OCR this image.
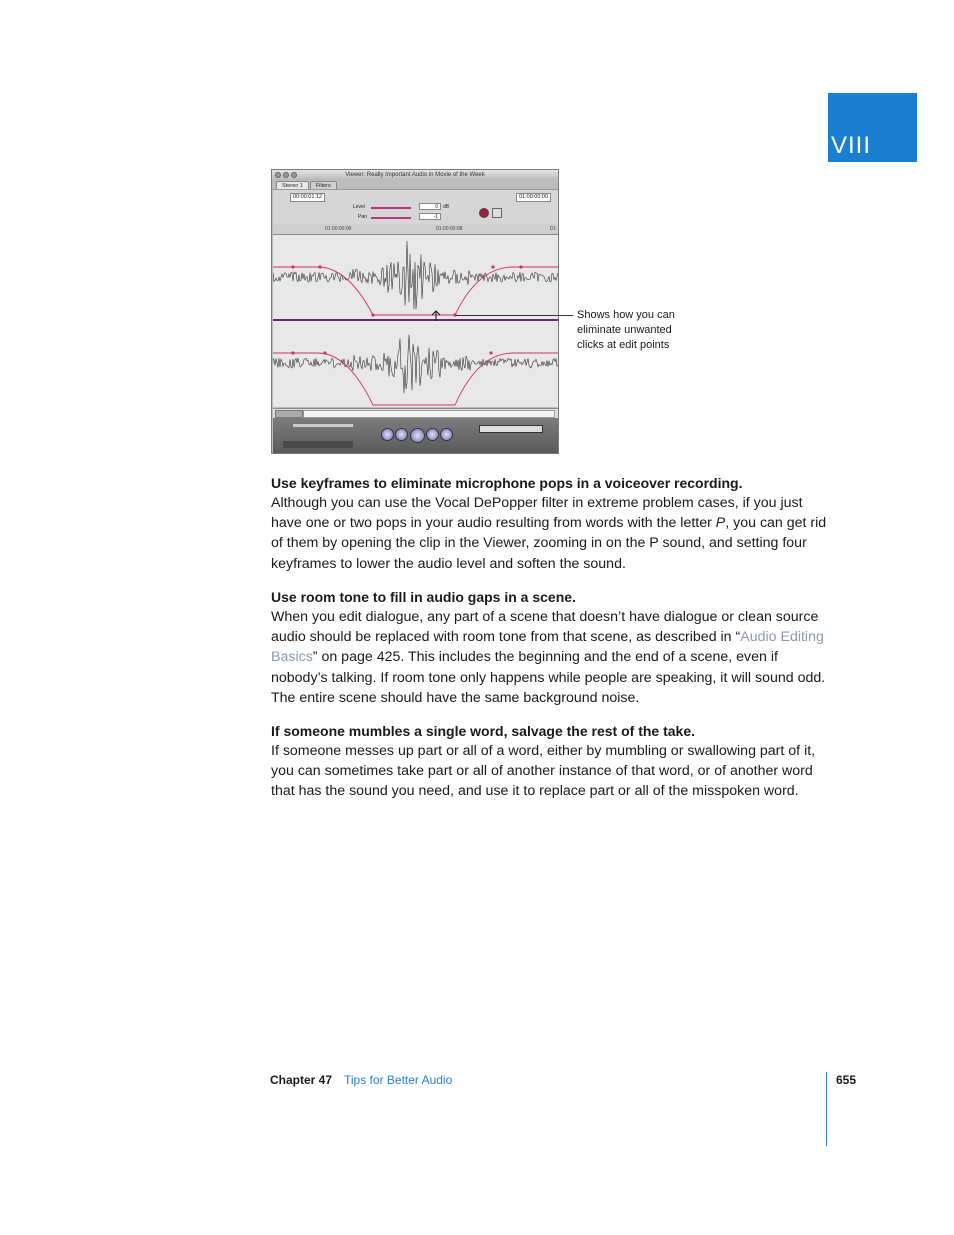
VIII
Viewer: Really Important Audio in Movie of the Week
Stereo 1	Filters
00:00:01:12	01:00:00:00
Level	0	dB
Pan	-1
01:00:00:00	01:00:00:08	01:
Shows how you can eliminate unwanted clicks at edit points

Use keyframes to eliminate microphone pops in a voiceover recording.

Although you can use the Vocal DePopper filter in extreme problem cases, if you just have one or two pops in your audio resulting from words with the letter P, you can get rid of them by opening the clip in the Viewer, zooming in on the P sound, and setting four keyframes to lower the audio level and soften the sound.

Use room tone to fill in audio gaps in a scene.

When you edit dialogue, any part of a scene that doesn’t have dialogue or clean source audio should be replaced with room tone from that scene, as described in “Audio Editing Basics” on page 425. This includes the beginning and the end of a scene, even if nobody’s talking. If room tone only happens while people are speaking, it will sound odd. The entire scene should have the same background noise.

If someone mumbles a single word, salvage the rest of the take.

If someone messes up part or all of a word, either by mumbling or swallowing part of it, you can sometimes take part or all of another instance of that word, or of another word that has the sound you need, and use it to replace part or all of the misspoken word.

Chapter 47 Tips for Better Audio	655
